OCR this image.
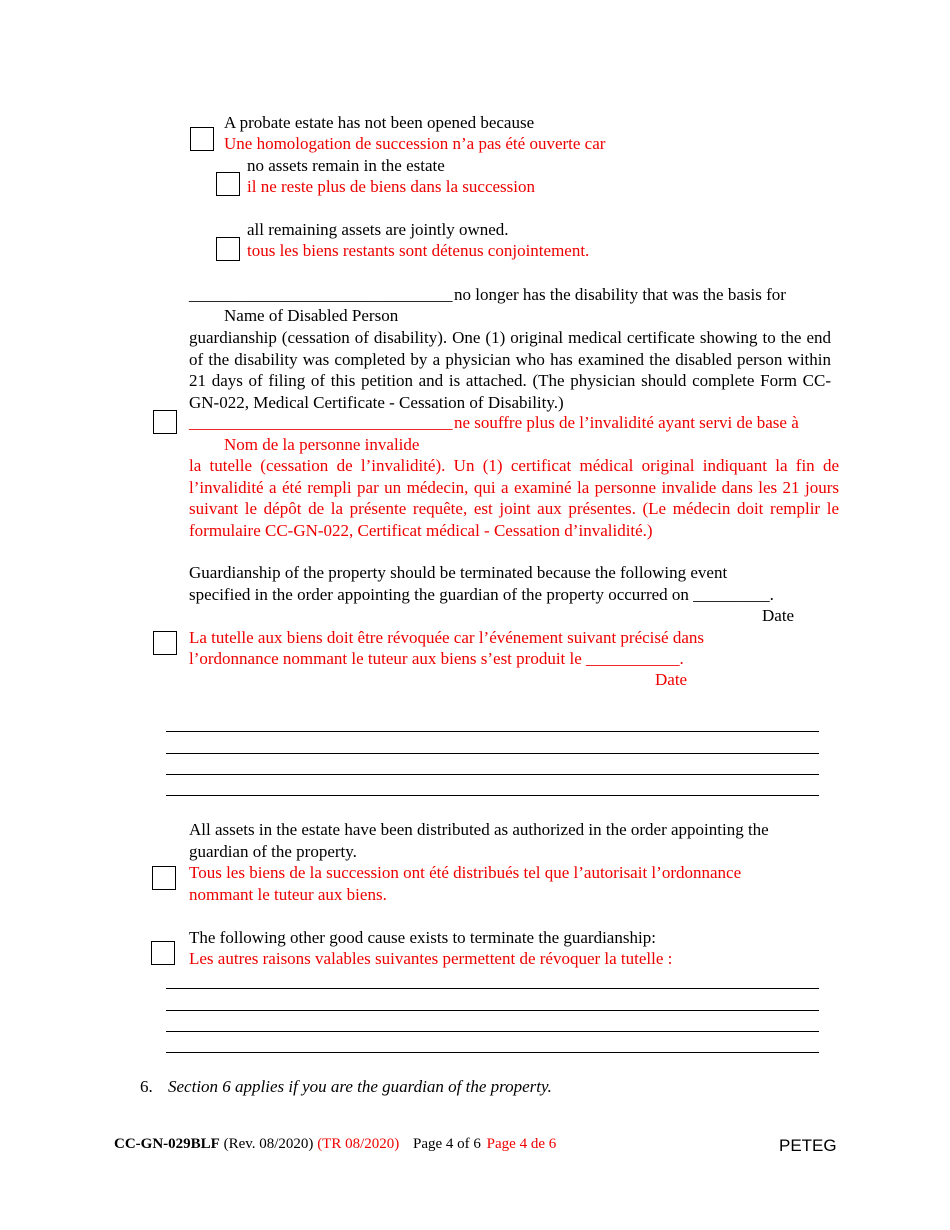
A probate estate has not been opened because
Une homologation de succession n’a pas été ouverte car
no assets remain in the estate
il ne reste plus de biens dans la succession
all remaining assets are jointly owned.
tous les biens restants sont détenus conjointement.
_______________________________ no longer has the disability that was the basis for
Name of Disabled Person
guardianship (cessation of disability). One (1) original medical certificate showing to the end of the disability was completed by a physician who has examined the disabled person within 21 days of filing of this petition and is attached. (The physician should complete Form CC-GN-022, Medical Certificate - Cessation of Disability.)
_______________________________ ne souffre plus de l’invalidité ayant servi de base à
Nom de la personne invalide
la tutelle (cessation de l’invalidité). Un (1) certificat médical original indiquant la fin de l’invalidité a été rempli par un médecin, qui a examiné la personne invalide dans les 21 jours suivant le dépôt de la présente requête, est joint aux présentes. (Le médecin doit remplir le formulaire CC-GN-022, Certificat médical - Cessation d’invalidité.)
Guardianship of the property should be terminated because the following event
specified in the order appointing the guardian of the property occurred on _________.
Date
La tutelle aux biens doit être révoquée car l’événement suivant précisé dans
l’ordonnance nommant le tuteur aux biens s’est produit le ___________.
Date
All assets in the estate have been distributed as authorized in the order appointing the
guardian of the property.
Tous les biens de la succession ont été distribués tel que l’autorisait l’ordonnance
nommant le tuteur aux biens.
The following other good cause exists to terminate the guardianship:
Les autres raisons valables suivantes permettent de révoquer la tutelle :
6. Section 6 applies if you are the guardian of the property.
CC-GN-029BLF (Rev. 08/2020) (TR 08/2020) Page 4 of 6 Page 4 de 6	PETEG
